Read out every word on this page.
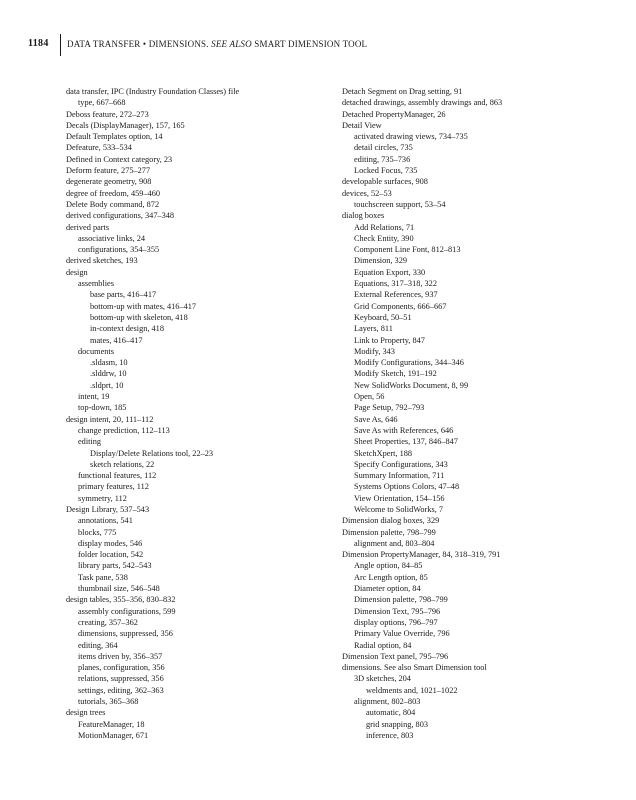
1184	DATA TRANSFER • DIMENSIONS. SEE ALSO SMART DIMENSION TOOL
data transfer, IPC (Industry Foundation Classes) file
type, 667–668
Deboss feature, 272–273
Decals (DisplayManager), 157, 165
Default Templates option, 14
Defeature, 533–534
Defined in Context category, 23
Deform feature, 275–277
degenerate geometry, 908
degree of freedom, 459–460
Delete Body command, 872
derived configurations, 347–348
derived parts
associative links, 24
configurations, 354–355
derived sketches, 193
design
assemblies
base parts, 416–417
bottom-up with mates, 416–417
bottom-up with skeleton, 418
in-context design, 418
mates, 416–417
documents
.sldasm, 10
.slddrw, 10
.sldprt, 10
intent, 19
top-down, 185
design intent, 20, 111–112
change prediction, 112–113
editing
Display/Delete Relations tool, 22–23
sketch relations, 22
functional features, 112
primary features, 112
symmetry, 112
Design Library, 537–543
annotations, 541
blocks, 775
display modes, 546
folder location, 542
library parts, 542–543
Task pane, 538
thumbnail size, 546–548
design tables, 355–356, 830–832
assembly configurations, 599
creating, 357–362
dimensions, suppressed, 356
editing, 364
items driven by, 356–357
planes, configuration, 356
relations, suppressed, 356
settings, editing, 362–363
tutorials, 365–368
design trees
FeatureManager, 18
MotionManager, 671
Detach Segment on Drag setting, 91
detached drawings, assembly drawings and, 863
Detached PropertyManager, 26
Detail View
activated drawing views, 734–735
detail circles, 735
editing, 735–736
Locked Focus, 735
developable surfaces, 908
devices, 52–53
touchscreen support, 53–54
dialog boxes
Add Relations, 71
Check Entity, 390
Component Line Font, 812–813
Dimension, 329
Equation Export, 330
Equations, 317–318, 322
External References, 937
Grid Components, 666–667
Keyboard, 50–51
Layers, 811
Link to Property, 847
Modify, 343
Modify Configurations, 344–346
Modify Sketch, 191–192
New SolidWorks Document, 8, 99
Open, 56
Page Setup, 792–793
Save As, 646
Save As with References, 646
Sheet Properties, 137, 846–847
SketchXpert, 188
Specify Configurations, 343
Summary Information, 711
Systems Options Colors, 47–48
View Orientation, 154–156
Welcome to SolidWorks, 7
Dimension dialog boxes, 329
Dimension palette, 798–799
alignment and, 803–804
Dimension PropertyManager, 84, 318–319, 791
Angle option, 84–85
Arc Length option, 85
Diameter option, 84
Dimension palette, 798–799
Dimension Text, 795–796
display options, 796–797
Primary Value Override, 796
Radial option, 84
Dimension Text panel, 795–796
dimensions. See also Smart Dimension tool
3D sketches, 204
weldments and, 1021–1022
alignment, 802–803
automatic, 804
grid snapping, 803
inference, 803
